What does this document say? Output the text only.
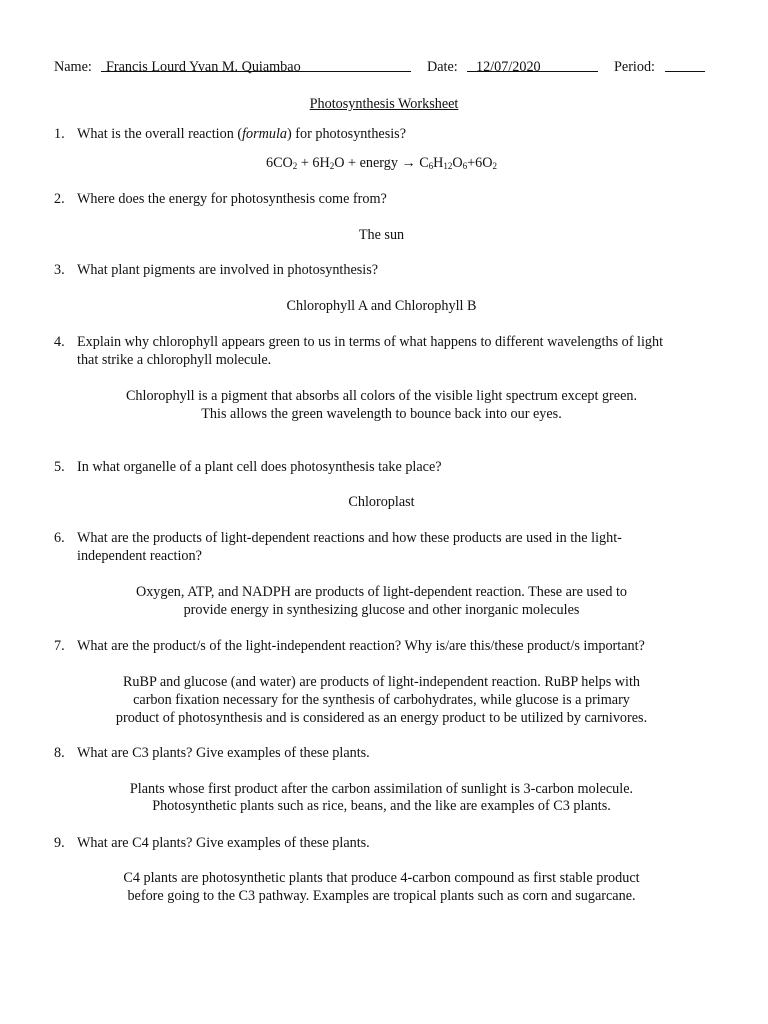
Name: Francis Lourd Yvan M. Quiambao	Date: 12/07/2020	Period:
Photosynthesis Worksheet
1. What is the overall reaction (formula) for photosynthesis?
$6CO_2 + 6H_2O$ + energy → $C_6H_{12}O_6+6O_2$
2. Where does the energy for photosynthesis come from?
The sun
3. What plant pigments are involved in photosynthesis?
Chlorophyll A and Chlorophyll B
4. Explain why chlorophyll appears green to us in terms of what happens to different wavelengths of light
that strike a chlorophyll molecule.
Chlorophyll is a pigment that absorbs all colors of the visible light spectrum except green.
This allows the green wavelength to bounce back into our eyes.
5. In what organelle of a plant cell does photosynthesis take place?
Chloroplast
6. What are the products of light-dependent reactions and how these products are used in the light-
independent reaction?
Oxygen, ATP, and NADPH are products of light-dependent reaction. These are used to
provide energy in synthesizing glucose and other inorganic molecules
7. What are the product/s of the light-independent reaction? Why is/are this/these product/s important?
RuBP and glucose (and water) are products of light-independent reaction. RuBP helps with
carbon fixation necessary for the synthesis of carbohydrates, while glucose is a primary
product of photosynthesis and is considered as an energy product to be utilized by carnivores.
8. What are C3 plants? Give examples of these plants.
Plants whose first product after the carbon assimilation of sunlight is 3-carbon molecule.
Photosynthetic plants such as rice, beans, and the like are examples of C3 plants.
9. What are C4 plants? Give examples of these plants.
C4 plants are photosynthetic plants that produce 4-carbon compound as first stable product
before going to the C3 pathway. Examples are tropical plants such as corn and sugarcane.
